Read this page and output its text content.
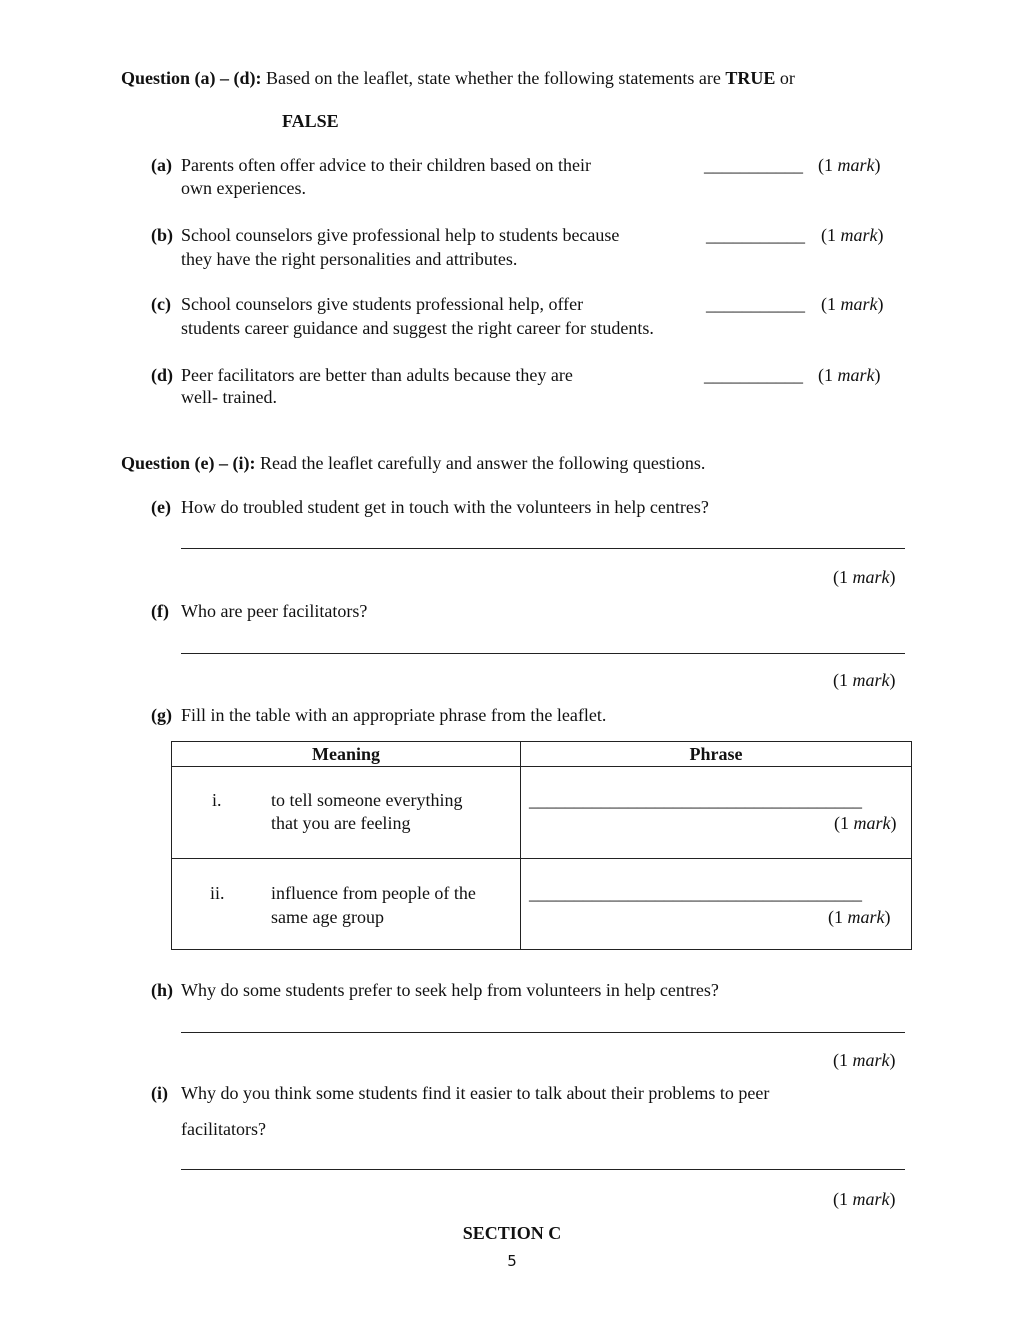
Question (a) – (d): Based on the leaflet, state whether the following statements are TRUE or
FALSE
(a) Parents often offer advice to their children based on their
own experiences.
___________ (1 mark)
(b) School counselors give professional help to students because
they have the right personalities and attributes.
___________ (1 mark)
(c) School counselors give students professional help, offer
students career guidance and suggest the right career for students.
___________ (1 mark)
(d) Peer facilitators are better than adults because they are
well- trained.
___________ (1 mark)
Question (e) – (i): Read the leaflet carefully and answer the following questions.
(e) How do troubled student get in touch with the volunteers in help centres?
(1 mark)
(f) Who are peer facilitators?
(1 mark)
(g) Fill in the table with an appropriate phrase from the leaflet.
Meaning	Phrase
i.	to tell someone everything
that you are feeling
_____________________________________
(1 mark)
ii.	influence from people of the
same age group
_____________________________________
(1 mark)
(h) Why do some students prefer to seek help from volunteers in help centres?
(1 mark)
(i) Why do you think some students find it easier to talk about their problems to peer
facilitators?
(1 mark)
SECTION C
5
